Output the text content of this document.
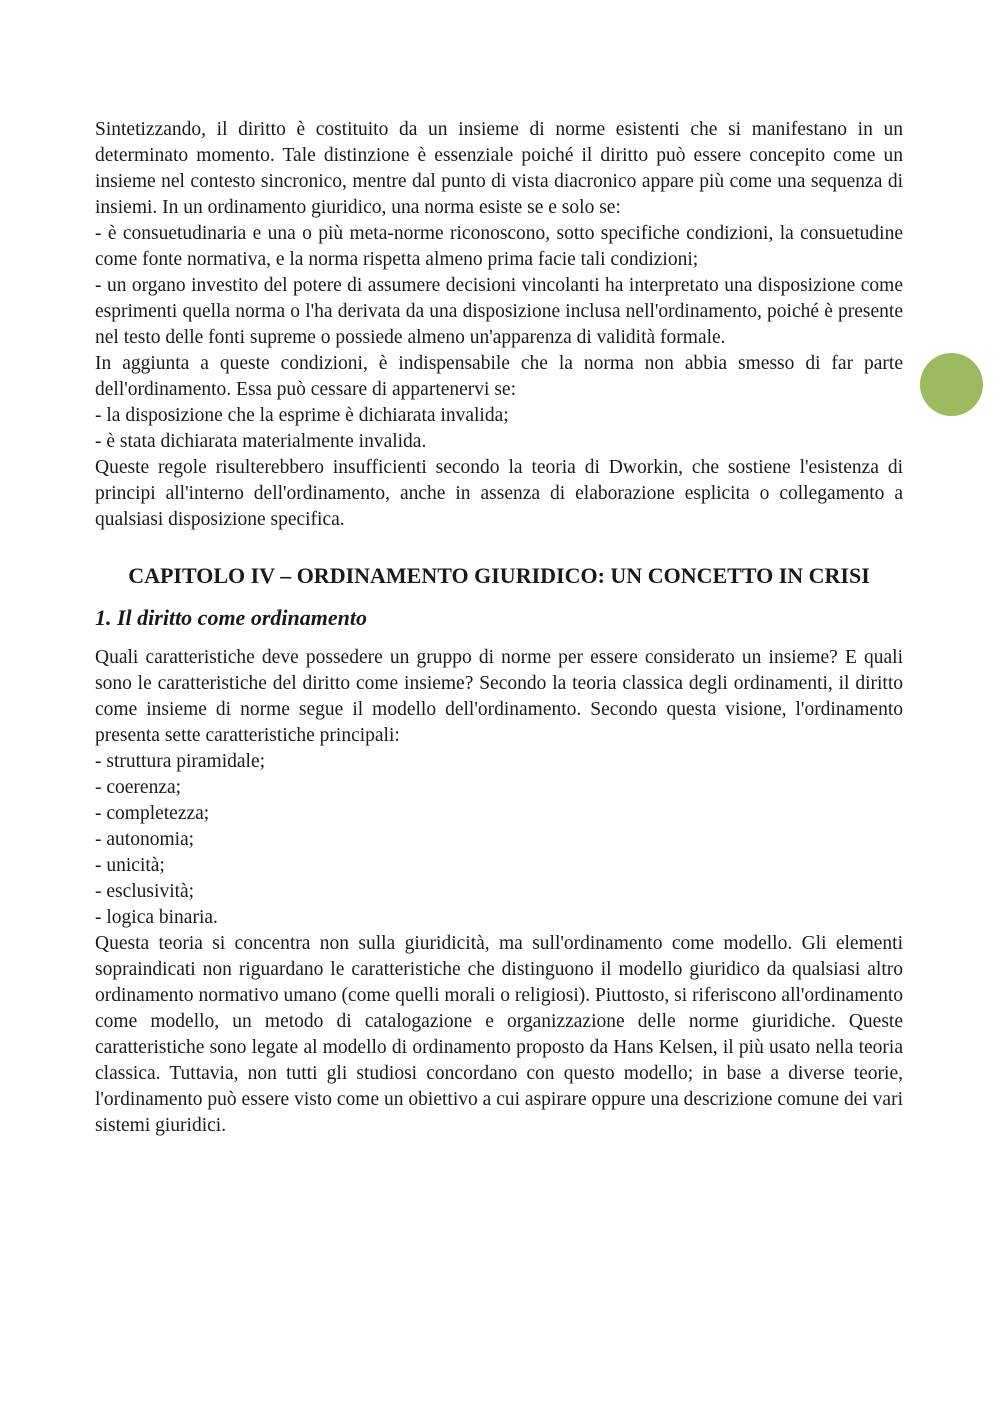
Sintetizzando, il diritto è costituito da un insieme di norme esistenti che si manifestano in un determinato momento. Tale distinzione è essenziale poiché il diritto può essere concepito come un insieme nel contesto sincronico, mentre dal punto di vista diacronico appare più come una sequenza di insiemi. In un ordinamento giuridico, una norma esiste se e solo se:

- è consuetudinaria e una o più meta-norme riconoscono, sotto specifiche condizioni, la consuetudine come fonte normativa, e la norma rispetta almeno prima facie tali condizioni;

- un organo investito del potere di assumere decisioni vincolanti ha interpretato una disposizione come esprimenti quella norma o l'ha derivata da una disposizione inclusa nell'ordinamento, poiché è presente nel testo delle fonti supreme o possiede almeno un'apparenza di validità formale.

In aggiunta a queste condizioni, è indispensabile che la norma non abbia smesso di far parte dell'ordinamento. Essa può cessare di appartenervi se:

- la disposizione che la esprime è dichiarata invalida;

- è stata dichiarata materialmente invalida.

Queste regole risulterebbero insufficienti secondo la teoria di Dworkin, che sostiene l'esistenza di principi all'interno dell'ordinamento, anche in assenza di elaborazione esplicita o collegamento a qualsiasi disposizione specifica.

CAPITOLO IV – ORDINAMENTO GIURIDICO: UN CONCETTO IN CRISI
1. Il diritto come ordinamento

Quali caratteristiche deve possedere un gruppo di norme per essere considerato un insieme? E quali sono le caratteristiche del diritto come insieme? Secondo la teoria classica degli ordinamenti, il diritto come insieme di norme segue il modello dell'ordinamento. Secondo questa visione, l'ordinamento presenta sette caratteristiche principali:

- struttura piramidale;

- coerenza;

- completezza;

- autonomia;

- unicità;

- esclusività;

- logica binaria.

Questa teoria si concentra non sulla giuridicità, ma sull'ordinamento come modello. Gli elementi sopraindicati non riguardano le caratteristiche che distinguono il modello giuridico da qualsiasi altro ordinamento normativo umano (come quelli morali o religiosi). Piuttosto, si riferiscono all'ordinamento come modello, un metodo di catalogazione e organizzazione delle norme giuridiche. Queste caratteristiche sono legate al modello di ordinamento proposto da Hans Kelsen, il più usato nella teoria classica. Tuttavia, non tutti gli studiosi concordano con questo modello; in base a diverse teorie, l'ordinamento può essere visto come un obiettivo a cui aspirare oppure una descrizione comune dei vari sistemi giuridici.
